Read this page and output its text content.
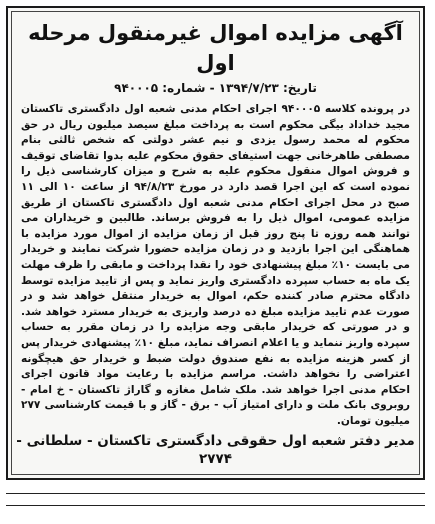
آگهی مزایده اموال غیرمنقول مرحله اول
تاریخ: ۱۳۹۴/۷/۲۳ - شماره: ۹۴۰۰۰۵
در پرونده کلاسه ۹۴۰۰۰۵ اجرای احکام مدنی شعبه اول دادگستری تاکستان مجید خداداد بیگی محکوم است به پرداخت مبلغ سیصد میلیون ریال در حق محکوم له محمد رسول یزدی و نیم عشر دولتی که شخص ثالثی بنام مصطفی طاهرخانی جهت استیفای حقوق محکوم علیه بدوا تقاضای توقیف و فروش اموال منقول محکوم علیه به شرح و میزان کارشناسی ذیل را نموده است که این اجرا قصد دارد در مورخ ۹۴/۸/۲۳ از ساعت ۱۰ الی ۱۱ صبح در محل اجرای احکام مدنی شعبه اول دادگستری تاکستان از طریق مزایده عمومی، اموال ذیل را به فروش برساند. طالبین و خریداران می توانند همه روزه تا پنج روز قبل از زمان مزایده از اموال مورد مزایده با هماهنگی این اجرا بازدید و در زمان مزایده حضورا شرکت نمایند و خریدار می بایست ۱۰٪ مبلغ پیشنهادی خود را نقدا پرداخت و مابقی را ظرف مهلت یک ماه به حساب سپرده دادگستری واریز نماید و پس از تایید مزایده توسط دادگاه محترم صادر کننده حکم، اموال به خریدار منتقل خواهد شد و در صورت عدم تایید مزایده مبلغ ده درصد واریزی به خریدار مسترد خواهد شد. و در صورتی که خریدار مابقی وجه مزایده را در زمان مقرر به حساب سپرده واریز ننماید و یا اعلام انصراف نماید، مبلغ ۱۰٪ پیشنهادی خریدار پس از کسر هزینه مزایده به نفع صندوق دولت ضبط و خریدار حق هیچگونه اعتراضی را نخواهد داشت. مراسم مزایده با رعایت مواد قانون اجرای احکام مدنی اجرا خواهد شد. ملک شامل مغازه و گاراژ تاکستان - خ امام - روبروی بانک ملت و دارای امتیاز آب - برق - گاز و با قیمت کارشناسی ۲۷۷ میلیون تومان.
مدیر دفتر شعبه اول حقوقی دادگستری تاکستان - سلطانی - ۲۷۷۴
